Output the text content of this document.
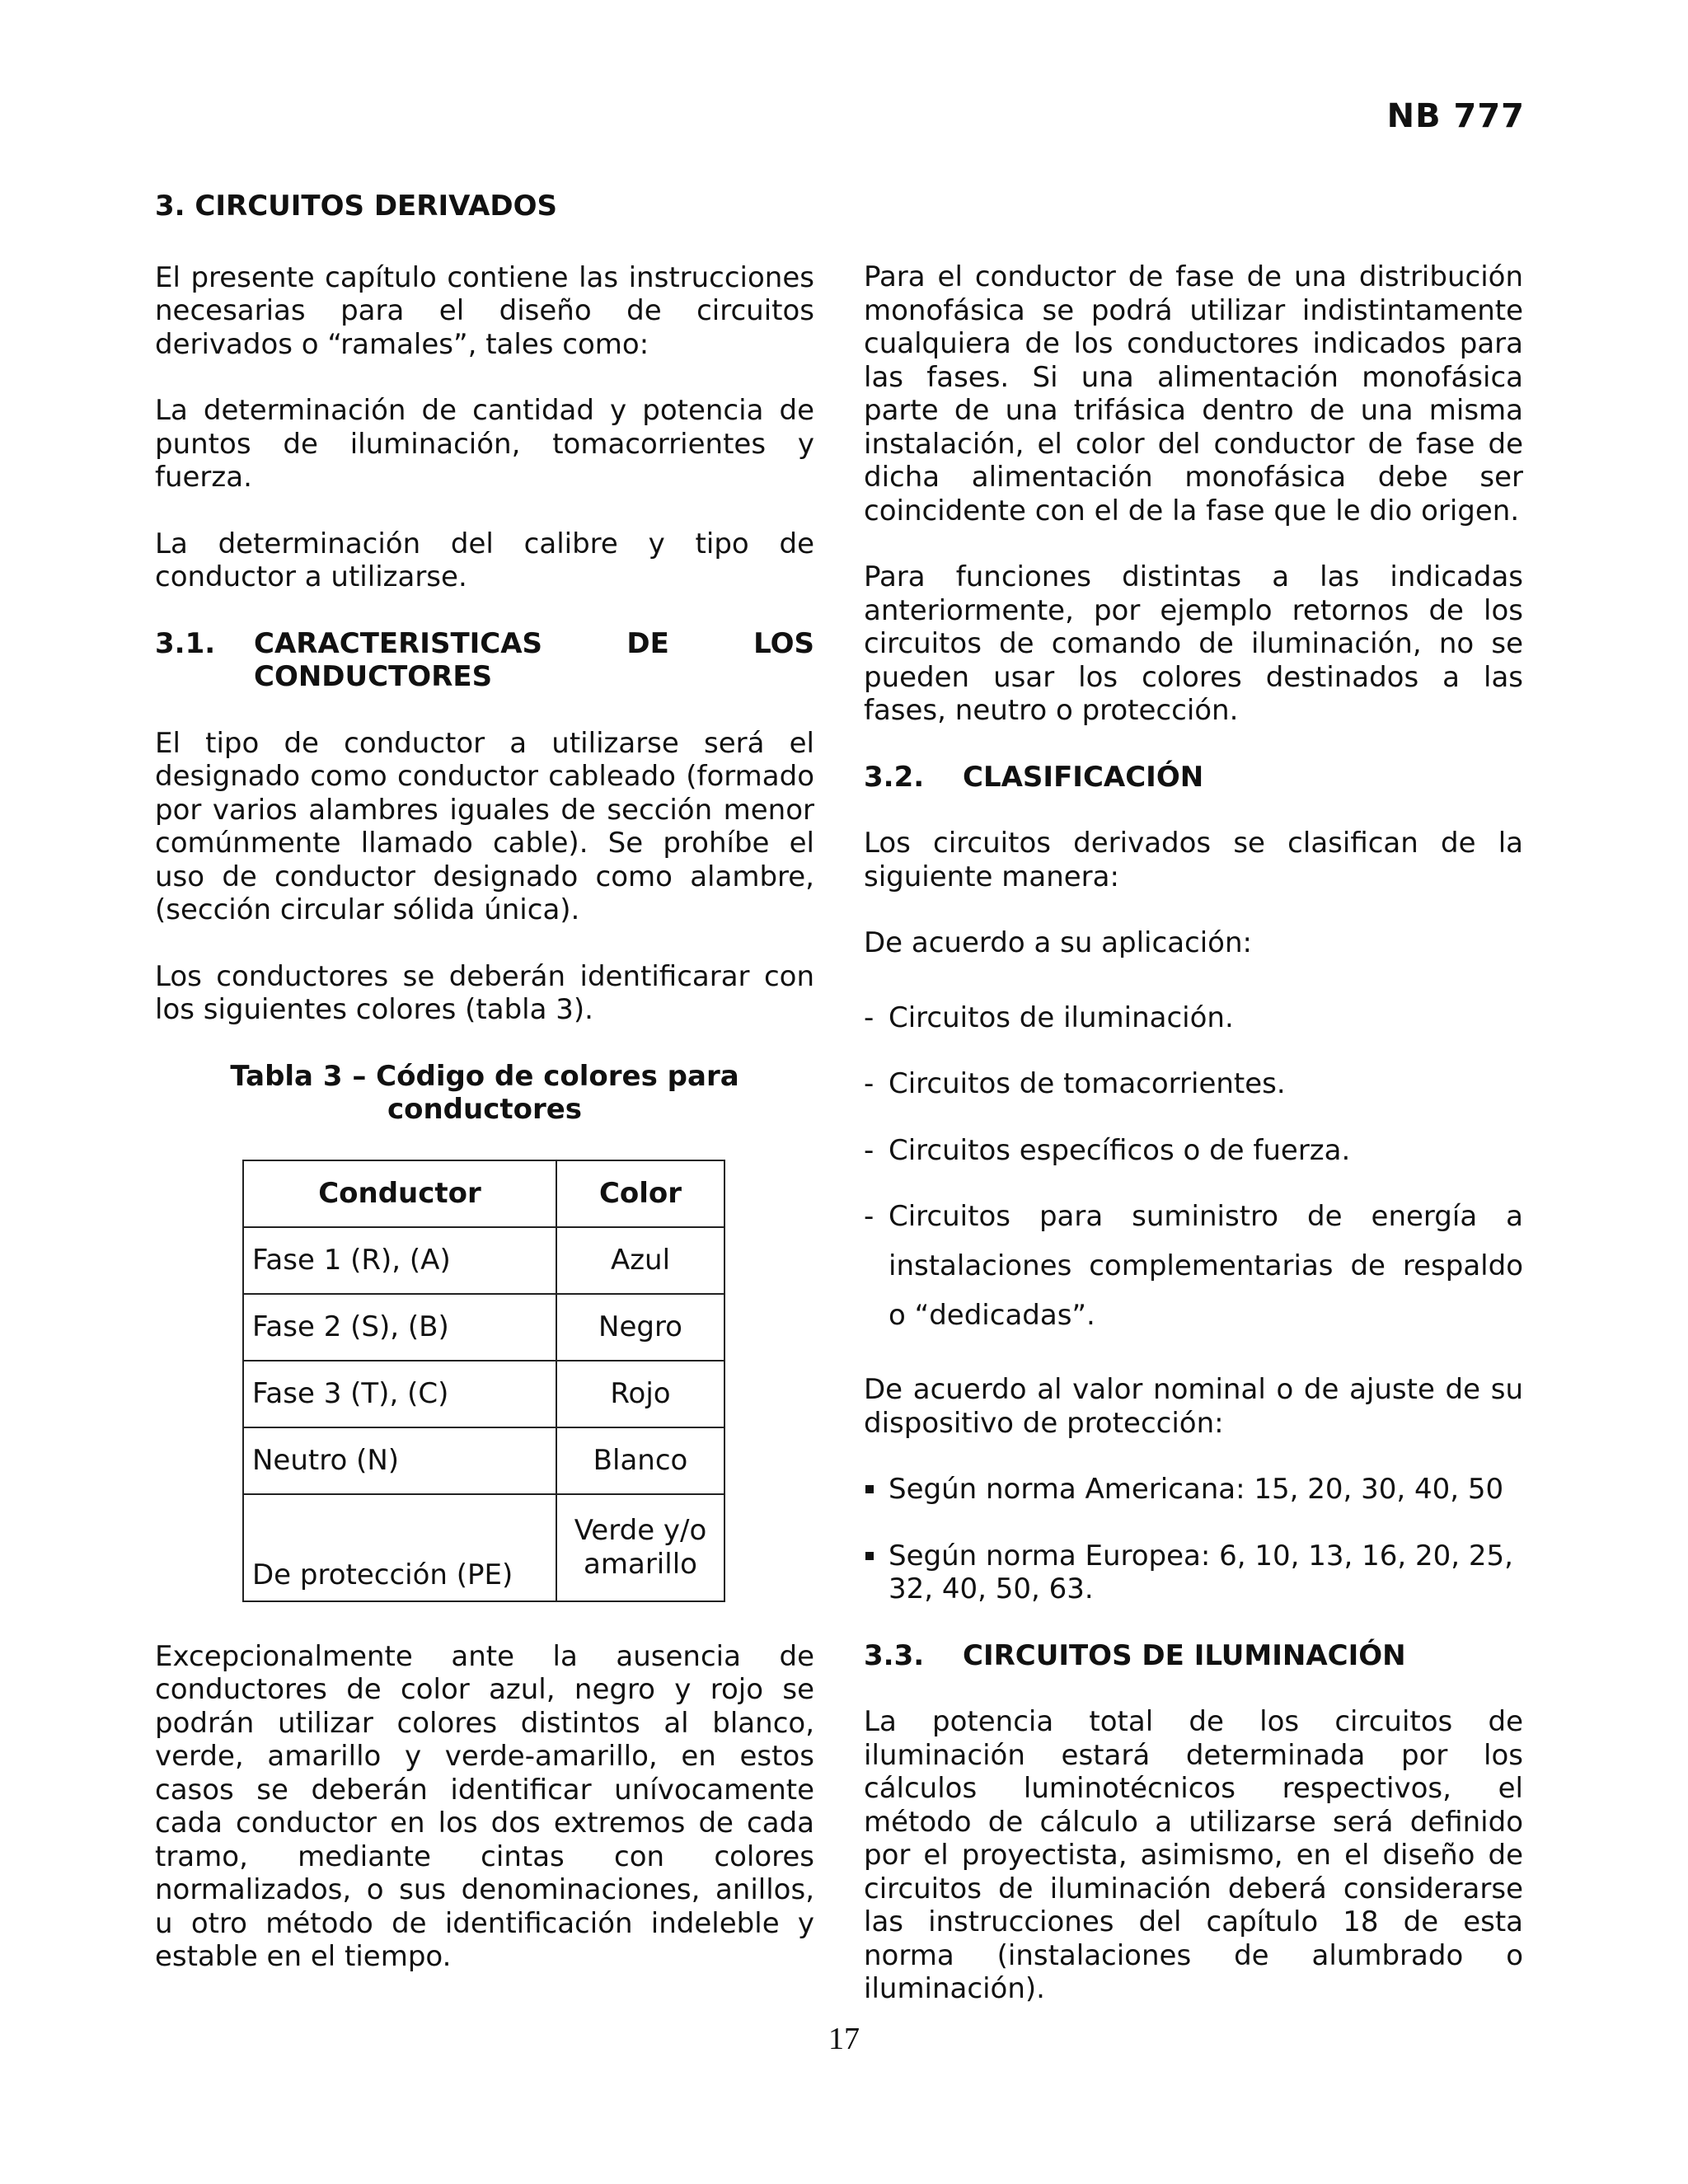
NB 777
3. CIRCUITOS DERIVADOS

El presente capítulo contiene las instrucciones necesarias para el diseño de circuitos derivados o “ramales”, tales como:

La determinación de cantidad y potencia de puntos de iluminación, tomacorrientes y fuerza.

La determinación del calibre y tipo de conductor a utilizarse.

3.1.	CARACTERISTICAS DE LOS CONDUCTORES

El tipo de conductor a utilizarse será el designado como conductor cableado (formado por varios alambres iguales de sección menor comúnmente llamado cable). Se prohíbe el uso de conductor designado como alambre, (sección circular sólida única).

Los conductores se deberán identificarar con los siguientes colores (tabla 3).

Tabla 3 – Código de colores para conductores
Conductor	Color
Fase 1 (R), (A)	Azul
Fase 2 (S), (B)	Negro
Fase 3 (T), (C)	Rojo
Neutro (N)	Blanco
De protección (PE)	Verde y/o amarillo

Excepcionalmente ante la ausencia de conductores de color azul, negro y rojo se podrán utilizar colores distintos al blanco, verde, amarillo y verde-amarillo, en estos casos se deberán identificar unívocamente cada conductor en los dos extremos de cada tramo, mediante cintas con colores normalizados, o sus denominaciones, anillos, u otro método de identificación indeleble y estable en el tiempo.

Para el conductor de fase de una distribución monofásica se podrá utilizar indistintamente cualquiera de los conductores indicados para las fases. Si una alimentación monofásica parte de una trifásica dentro de una misma instalación, el color del conductor de fase de dicha alimentación monofásica debe ser coincidente con el de la fase que le dio origen.

Para funciones distintas a las indicadas anteriormente, por ejemplo retornos de los circuitos de comando de iluminación, no se pueden usar los colores destinados a las fases, neutro o protección.

3.2.	CLASIFICACIÓN

Los circuitos derivados se clasifican de la siguiente manera:

De acuerdo a su aplicación:

- Circuitos de iluminación.
- Circuitos de tomacorrientes.
- Circuitos específicos o de fuerza.
- Circuitos para suministro de energía a instalaciones complementarias de respaldo o “dedicadas”.

De acuerdo al valor nominal o de ajuste de su dispositivo de protección:

Según norma Americana: 15, 20, 30, 40, 50
Según norma Europea: 6, 10, 13, 16, 20, 25, 32, 40, 50, 63.
3.3.	CIRCUITOS DE ILUMINACIÓN

La potencia total de los circuitos de iluminación estará determinada por los cálculos luminotécnicos respectivos, el método de cálculo a utilizarse será definido por el proyectista, asimismo, en el diseño de circuitos de iluminación deberá considerarse las instrucciones del capítulo 18 de esta norma (instalaciones de alumbrado o iluminación).

17
